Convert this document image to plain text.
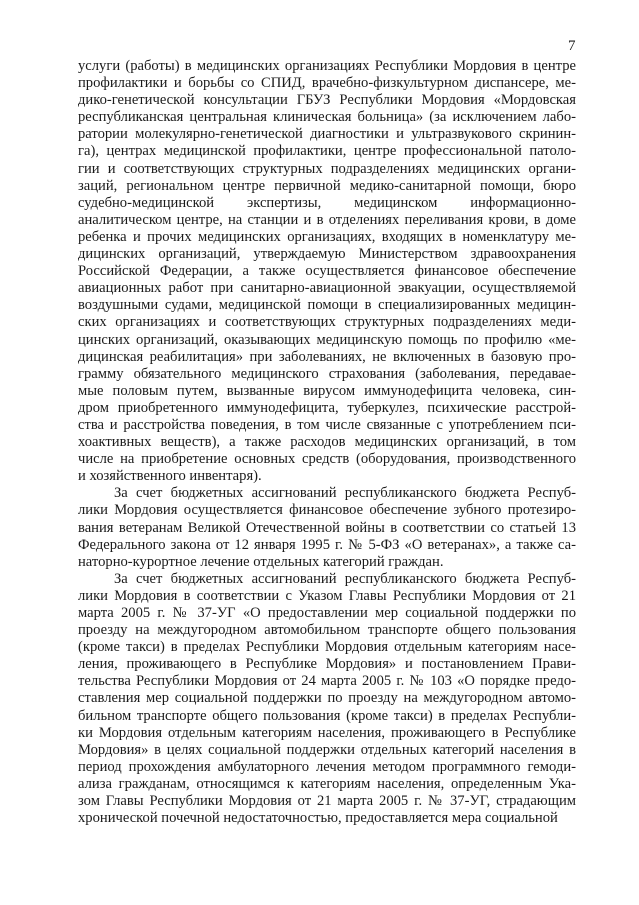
7
услуги (работы) в медицинских организациях Республики Мордовия в центре
профилактики и борьбы со СПИД, врачебно-физкультурном диспансере, ме-
дико-генетической консультации ГБУЗ Республики Мордовия «Мордовская
республиканская центральная клиническая больница» (за исключением лабо-
ратории молекулярно-генетической диагностики и ультразвукового скринин-
га), центрах медицинской профилактики, центре профессиональной патоло-
гии и соответствующих структурных подразделениях медицинских органи-
заций, региональном центре первичной медико-санитарной помощи, бюро
судебно-медицинской экспертизы, медицинском информационно-
аналитическом центре, на станции и в отделениях переливания крови, в доме
ребенка и прочих медицинских организациях, входящих в номенклатуру ме-
дицинских организаций, утверждаемую Министерством здравоохранения
Российской Федерации, а также осуществляется финансовое обеспечение
авиационных работ при санитарно-авиационной эвакуации, осуществляемой
воздушными судами, медицинской помощи в специализированных медицин-
ских организациях и соответствующих структурных подразделениях меди-
цинских организаций, оказывающих медицинскую помощь по профилю «ме-
дицинская реабилитация» при заболеваниях, не включенных в базовую про-
грамму обязательного медицинского страхования (заболевания, передавае-
мые половым путем, вызванные вирусом иммунодефицита человека, син-
дром приобретенного иммунодефицита, туберкулез, психические расстрой-
ства и расстройства поведения, в том числе связанные с употреблением пси-
хоактивных веществ), а также расходов медицинских организаций, в том
числе на приобретение основных средств (оборудования, производственного
и хозяйственного инвентаря).
За счет бюджетных ассигнований республиканского бюджета Респуб-
лики Мордовия осуществляется финансовое обеспечение зубного протезиро-
вания ветеранам Великой Отечественной войны в соответствии со статьей 13
Федерального закона от 12 января 1995 г. № 5-ФЗ «О ветеранах», а также са-
наторно-курортное лечение отдельных категорий граждан.
За счет бюджетных ассигнований республиканского бюджета Респуб-
лики Мордовия в соответствии с Указом Главы Республики Мордовия от 21
марта 2005 г. № 37-УГ «О предоставлении мер социальной поддержки по
проезду на междугородном автомобильном транспорте общего пользования
(кроме такси) в пределах Республики Мордовия отдельным категориям насе-
ления, проживающего в Республике Мордовия» и постановлением Прави-
тельства Республики Мордовия от 24 марта 2005 г. № 103 «О порядке предо-
ставления мер социальной поддержки по проезду на междугородном автомо-
бильном транспорте общего пользования (кроме такси) в пределах Республи-
ки Мордовия отдельным категориям населения, проживающего в Республике
Мордовия» в целях социальной поддержки отдельных категорий населения в
период прохождения амбулаторного лечения методом программного гемоди-
ализа гражданам, относящимся к категориям населения, определенным Ука-
зом Главы Республики Мордовия от 21 марта 2005 г. № 37-УГ, страдающим
хронической почечной недостаточностью, предоставляется мера социальной
